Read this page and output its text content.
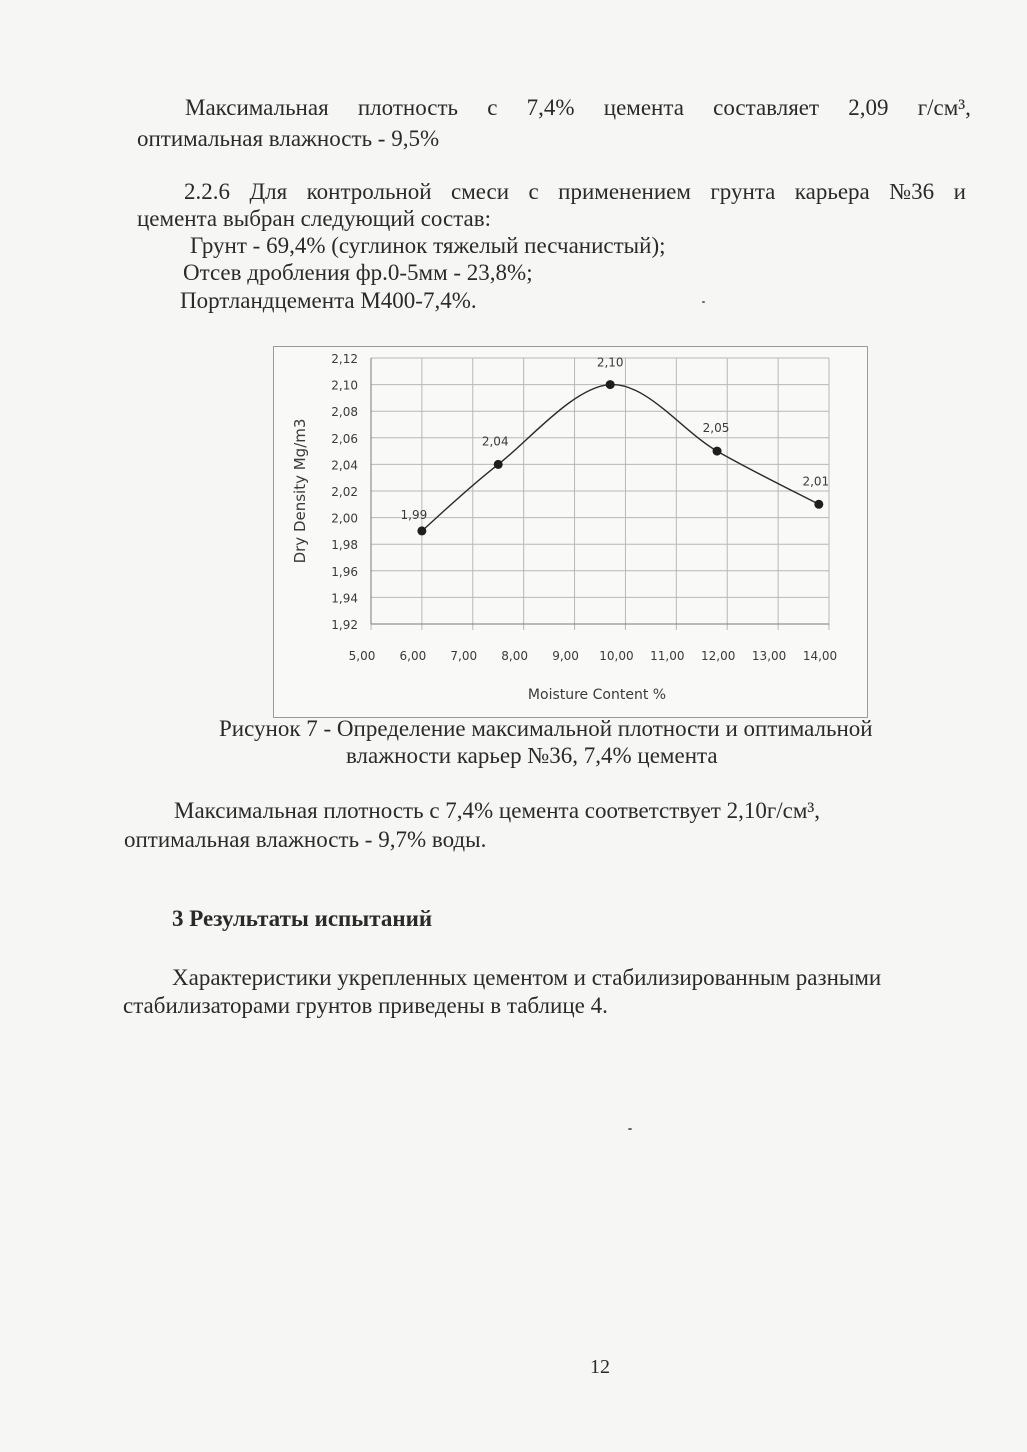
Максимальная плотность с 7,4% цемента составляет 2,09 г/см³,
оптимальная влажность - 9,5%
2.2.6 Для контрольной смеси с применением грунта карьера №36 и
цемента выбран следующий состав:
Грунт - 69,4% (суглинок тяжелый песчанистый);
Отсев дробления фр.0-5мм - 23,8%;
Портландцемента М400-7,4%.
1,92
1,94
1,96
1,98
2,00
2,02
2,04
2,06
2,08
2,10
2,12
5,00 6,00 7,00 8,00 9,00 10,00 11,00 12,00 13,00 14,00
Moisture Content %
Dry Density Mg/m3	1,99
2,04
2,10
2,05
2,01
Рисунок 7 - Определение максимальной плотности и оптимальной
влажности карьер №36, 7,4% цемента
Максимальная плотность с 7,4% цемента соответствует 2,10г/см³,
оптимальная влажность - 9,7% воды.
3 Результаты испытаний
Характеристики укрепленных цементом и стабилизированным разными
стабилизаторами грунтов приведены в таблице 4.
12
